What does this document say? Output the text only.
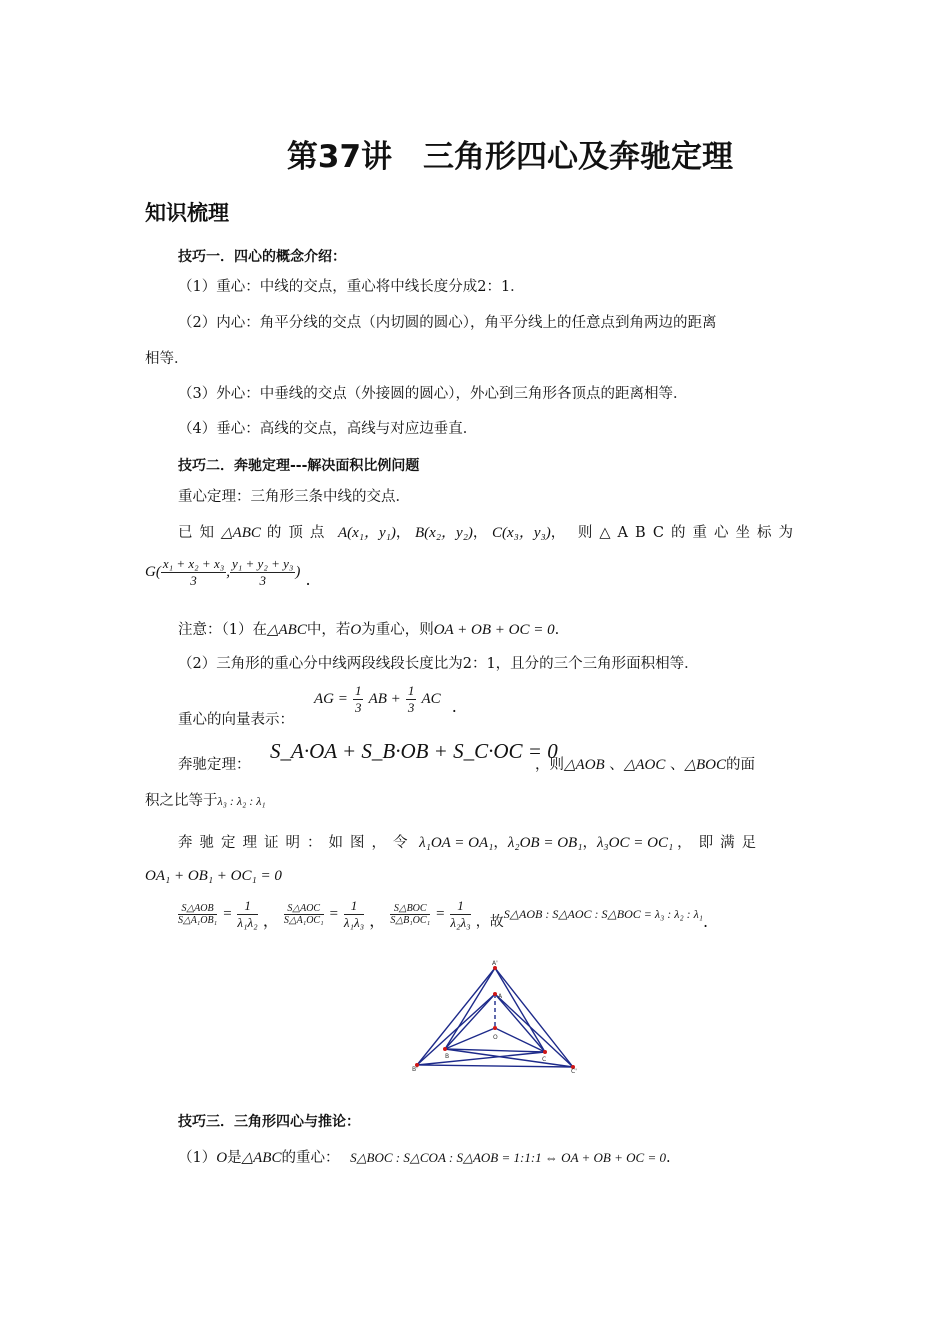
第37讲　三角形四心及奔驰定理
知识梳理
技巧一．四心的概念介绍：
（1）重心：中线的交点，重心将中线长度分成2：1．
（2）内心：角平分线的交点（内切圆的圆心），角平分线上的任意点到角两边的距离
相等．
（3）外心：中垂线的交点（外接圆的圆心），外心到三角形各顶点的距离相等．
（4）垂心：高线的交点，高线与对应边垂直．
技巧二．奔驰定理---解决面积比例问题
重心定理：三角形三条中线的交点．
已知△ABC 的顶点 A(x₁，y₁)， B(x₂，y₂)， C(x₃，y₃)， 则△ABC的重心坐标为
$G( \frac{\text{x₁ + x₂ + x₃}}{3}$ , $\frac{\text{y₁ + y₂ + y₃}}{3}$ ) .
注意：（1）在△ABC中，若O为重心，则OA + OB + OC = 0.
（2）三角形的重心分中线两段线段长度比为2：1，且分的三个三角形面积相等．
重心的向量表示：
AG = $\frac{1}{3}$ AB + $\frac{1}{3}$ AC .
奔驰定理：
S_A·OA + S_B·OB + S_C·OC = 0
，则△AOB 、△AOC 、△BOC的面
积之比等于λ₃ : λ₂ : λ₁
奔驰定理证明：如图，令 λ₁OA = OA₁，λ₂OB = OB₁，λ₃OC = OC₁ ，即满足
OA₁ + OB₁ + OC₁ = 0
$\frac{\text{S△AOB}}{\text{S△A₁OB₁}} = \frac{1}{\text{λ₁λ₂}}$ ， $\frac{\text{S△AOC}}{\text{S△A₁OC₁}} = \frac{1}{\text{λ₁λ₃}}$ ， $\frac{\text{S△BOC}}{\text{S△B₁OC₁}} = \frac{1}{\text{λ₂λ₃}}$ ，故S△AOB : S△AOC : S△BOC = λ₃ : λ₂ : λ₁.
A'
A
O
B	C
B'	C'
技巧三．三角形四心与推论：
（1）O是△ABC的重心： S△BOC : S△COA : S△AOB = 1:1:1 ⇔ OA + OB + OC = 0.
